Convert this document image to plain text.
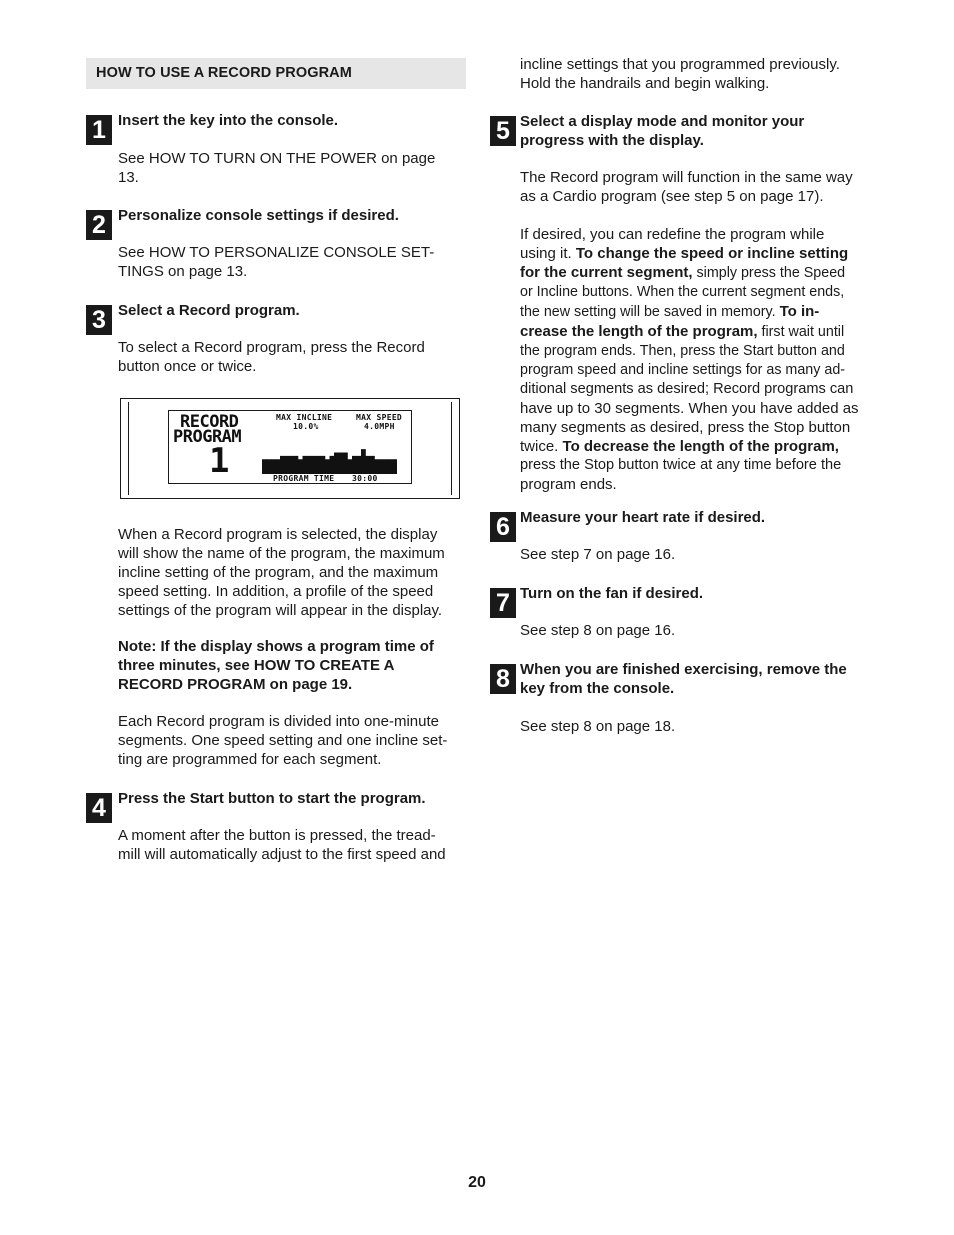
HOW TO USE A RECORD PROGRAM
1 Insert the key into the console.

See HOW TO TURN ON THE POWER on page

13.

2 Personalize console settings if desired.

See HOW TO PERSONALIZE CONSOLE SET-

TINGS on page 13.

3 Select a Record program.

To select a Record program, press the Record

button once or twice.

RECORD
PROGRAM
1
MAX INCLINE
10.0%
MAX SPEED
4.0MPH
PROGRAM TIME 30:00

When a Record program is selected, the display

will show the name of the program, the maximum

incline setting of the program, and the maximum

speed setting. In addition, a profile of the speed

settings of the program will appear in the display.

Note: If the display shows a program time of

three minutes, see HOW TO CREATE A

RECORD PROGRAM on page 19.

Each Record program is divided into one-minute

segments. One speed setting and one incline set-

ting are programmed for each segment.

4 Press the Start button to start the program.

A moment after the button is pressed, the tread-

mill will automatically adjust to the first speed and

incline settings that you programmed previously.

Hold the handrails and begin walking.

5 Select a display mode and monitor your

progress with the display.

The Record program will function in the same way

as a Cardio program (see step 5 on page 17).

If desired, you can redefine the program while

using it. To change the speed or incline setting

for the current segment, simply press the Speed

or Incline buttons. When the current segment ends,

the new setting will be saved in memory. To in-

crease the length of the program, first wait until

the program ends. Then, press the Start button and

program speed and incline settings for as many ad-

ditional segments as desired; Record programs can

have up to 30 segments. When you have added as

many segments as desired, press the Stop button

twice. To decrease the length of the program,

press the Stop button twice at any time before the

program ends.

6 Measure your heart rate if desired.

See step 7 on page 16.

7 Turn on the fan if desired.

See step 8 on page 16.

8 When you are finished exercising, remove the

key from the console.

See step 8 on page 18.

20
